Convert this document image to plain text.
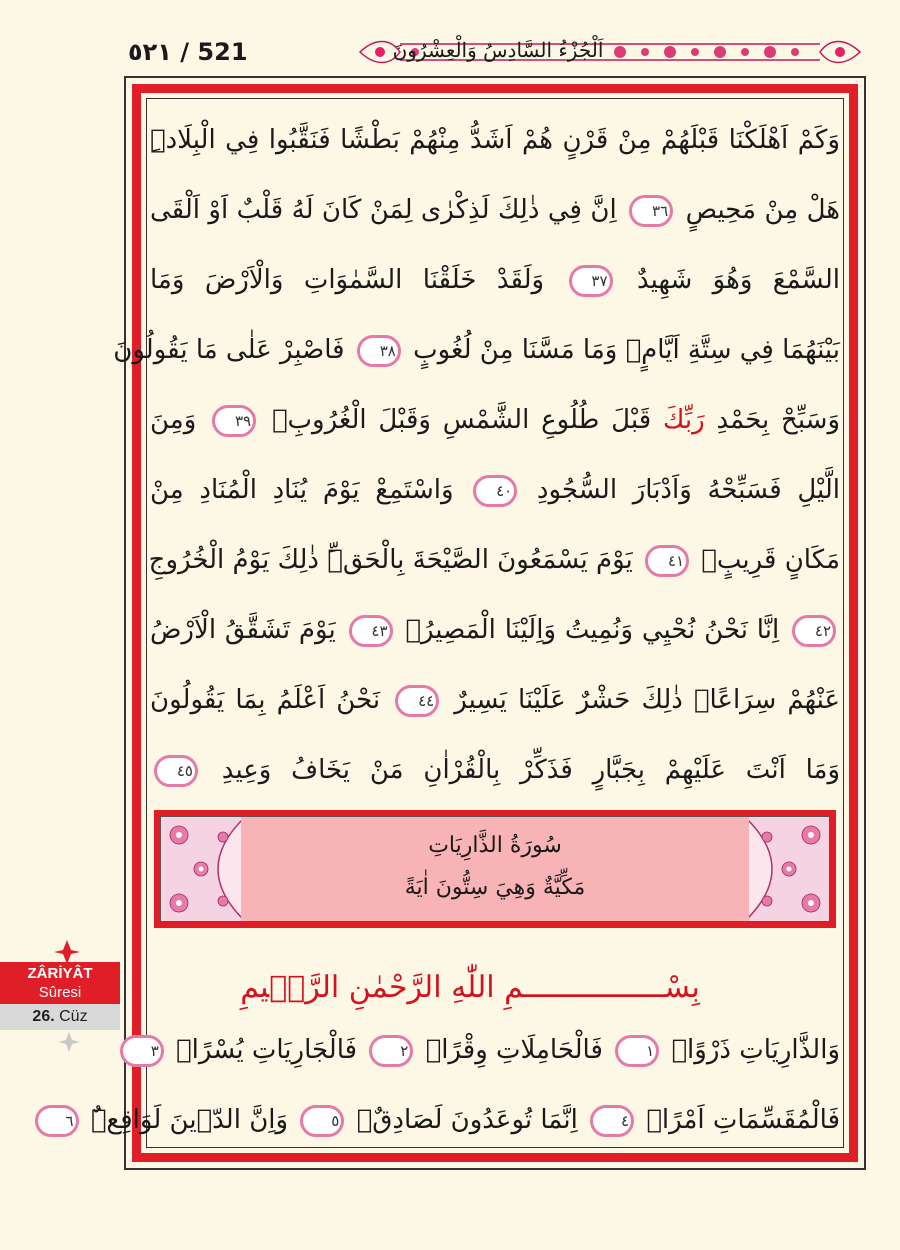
٥٢١ / 521	اَلْجُزْءُ السَّادِسُ وَالْعِشْرُونَ
وَكَمْ اَهْلَكْنَا قَبْلَهُمْ مِنْ قَرْنٍ هُمْ اَشَدُّ مِنْهُمْ بَطْشًا فَنَقَّبُوا فِي الْبِلَادِۜ
هَلْ مِنْ مَحِيصٍ ٣٦ اِنَّ فِي ذٰلِكَ لَذِكْرٰى لِمَنْ كَانَ لَهُ قَلْبٌ اَوْ اَلْقَى
السَّمْعَ وَهُوَ شَهِيدٌ ٣٧ وَلَقَدْ خَلَقْنَا السَّمٰوَاتِ وَالْاَرْضَ وَمَا
بَيْنَهُمَا فِي سِتَّةِ اَيَّامٍۗ وَمَا مَسَّنَا مِنْ لُغُوبٍ ٣٨ فَاصْبِرْ عَلٰى مَا يَقُولُونَ
وَسَبِّحْ بِحَمْدِ رَبِّكَ قَبْلَ طُلُوعِ الشَّمْسِ وَقَبْلَ الْغُرُوبِۚ ٣٩ وَمِنَ
الَّيْلِ فَسَبِّحْهُ وَاَدْبَارَ السُّجُودِ ٤٠ وَاسْتَمِعْ يَوْمَ يُنَادِ الْمُنَادِ مِنْ
مَكَانٍ قَرِيبٍۙ ٤١ يَوْمَ يَسْمَعُونَ الصَّيْحَةَ بِالْحَقِّۜ ذٰلِكَ يَوْمُ الْخُرُوجِ
٤٢ اِنَّا نَحْنُ نُحْيِي وَنُمِيتُ وَاِلَيْنَا الْمَصِيرُۙ ٤٣ يَوْمَ تَشَقَّقُ الْاَرْضُ
عَنْهُمْ سِرَاعًاۜ ذٰلِكَ حَشْرٌ عَلَيْنَا يَسِيرٌ ٤٤ نَحْنُ اَعْلَمُ بِمَا يَقُولُونَ
وَمَا اَنْتَ عَلَيْهِمْ بِجَبَّارٍ فَذَكِّرْ بِالْقُرْاٰنِ مَنْ يَخَافُ وَعِيدِ ٤٥
سُورَةُ الذَّارِيَاتِ
مَكِّيَّةٌ وَهِيَ سِتُّونَ اٰيَةً
بِسْــــــــــــــــمِ اللّٰهِ الرَّحْمٰنِ الرَّح۪يمِ
وَالذَّارِيَاتِ ذَرْوًاۙ ١ فَالْحَامِلَاتِ وِقْرًاۙ ٢ فَالْجَارِيَاتِ يُسْرًاۙ ٣
فَالْمُقَسِّمَاتِ اَمْرًاۙ ٤ اِنَّمَا تُوعَدُونَ لَصَادِقٌۙ ٥ وَاِنَّ الدّ۪ينَ لَوَاقِعٌۜ ٦
ZÂRİYÂT
Sûresi
26. Cüz
